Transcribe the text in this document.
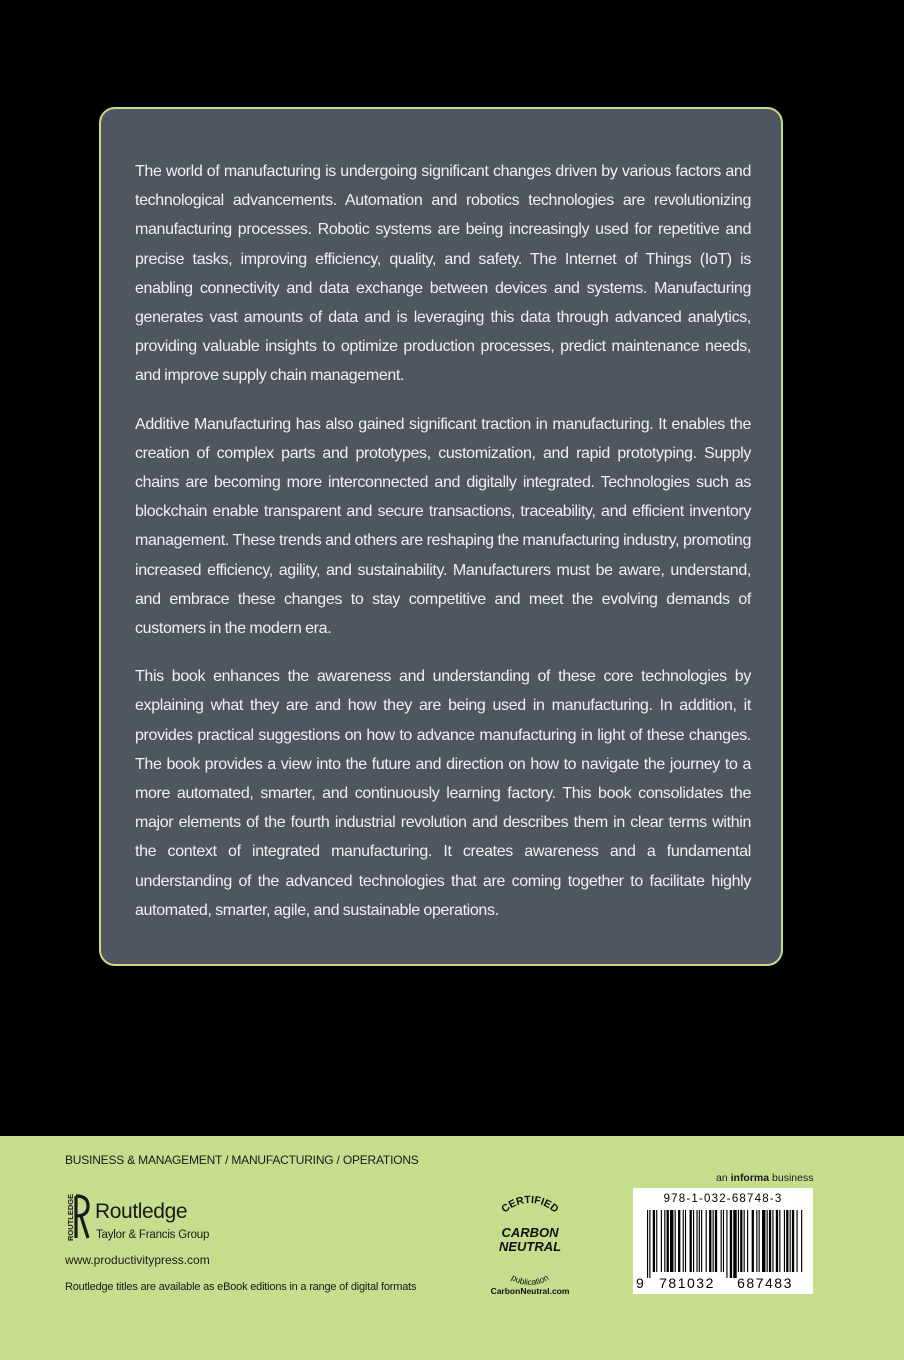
The world of manufacturing is undergoing significant changes driven by various factors and technological advancements. Automation and robotics technologies are revolutionizing manufacturing processes. Robotic systems are being increasingly used for repetitive and precise tasks, improving efficiency, quality, and safety. The Internet of Things (IoT) is enabling connectivity and data exchange between devices and systems. Manufacturing generates vast amounts of data and is leveraging this data through advanced analytics, providing valuable insights to optimize production processes, predict maintenance needs, and improve supply chain management.

Additive Manufacturing has also gained significant traction in manufacturing. It enables the creation of complex parts and prototypes, customization, and rapid prototyping. Supply chains are becoming more interconnected and digitally integrated. Technologies such as blockchain enable transparent and secure transactions, traceability, and efficient inventory management. These trends and others are reshaping the manufacturing industry, promoting increased efficiency, agility, and sustainability. Manufacturers must be aware, understand, and embrace these changes to stay competitive and meet the evolving demands of customers in the modern era.

This book enhances the awareness and understanding of these core technologies by explaining what they are and how they are being used in manufacturing. In addition, it provides practical suggestions on how to advance manufacturing in light of these changes. The book provides a view into the future and direction on how to navigate the journey to a more automated, smarter, and continuously learning factory. This book consolidates the major elements of the fourth industrial revolution and describes them in clear terms within the context of integrated manufacturing. It creates awareness and a fundamental understanding of the advanced technologies that are coming together to facilitate highly automated, smarter, agile, and sustainable operations.

BUSINESS & MANAGEMENT / MANUFACTURING / OPERATIONS
ROUTLEDGE Routledge
Taylor & Francis Group
www.productivitypress.com
Routledge titles are available as eBook editions in a range of digital formats
CERTIFIED
CARBON
NEUTRAL
publication
CarbonNeutral.com
an informa business
978-1-032-68748-3
9 781032 687483
